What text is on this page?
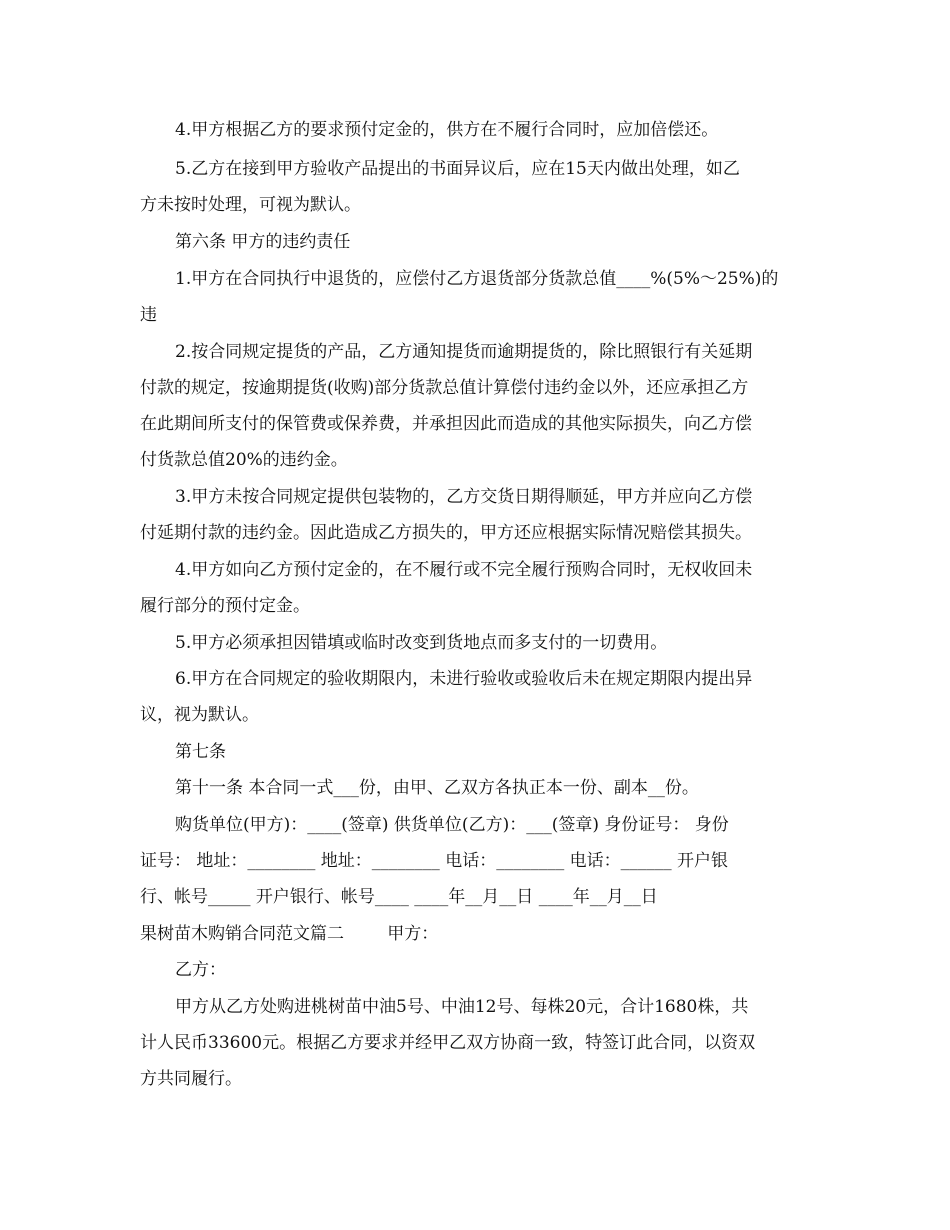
4.甲方根据乙方的要求预付定金的，供方在不履行合同时，应加倍偿还。
5.乙方在接到甲方验收产品提出的书面异议后，应在15天内做出处理，如乙
方未按时处理，可视为默认。
第六条 甲方的违约责任
1.甲方在合同执行中退货的，应偿付乙方退货部分货款总值____%(5%～25%)的
违
2.按合同规定提货的产品，乙方通知提货而逾期提货的，除比照银行有关延期
付款的规定，按逾期提货(收购)部分货款总值计算偿付违约金以外，还应承担乙方
在此期间所支付的保管费或保养费，并承担因此而造成的其他实际损失，向乙方偿
付货款总值20%的违约金。
3.甲方未按合同规定提供包装物的，乙方交货日期得顺延，甲方并应向乙方偿
付延期付款的违约金。因此造成乙方损失的，甲方还应根据实际情况赔偿其损失。
4.甲方如向乙方预付定金的，在不履行或不完全履行预购合同时，无权收回未
履行部分的预付定金。
5.甲方必须承担因错填或临时改变到货地点而多支付的一切费用。
6.甲方在合同规定的验收期限内，未进行验收或验收后未在规定期限内提出异
议，视为默认。
第七条
第十一条 本合同一式___份，由甲、乙双方各执正本一份、副本__份。
购货单位(甲方)：____(签章) 供货单位(乙方)：___(签章) 身份证号： 身份
证号： 地址：________ 地址：________ 电话：________ 电话：______ 开户银
行、帐号_____ 开户银行、帐号____ ____年__月__日 ____年__月__日
果树苗木购销合同范文篇二        甲方：
乙方：
甲方从乙方处购进桃树苗中油5号、中油12号、每株20元，合计1680株，共
计人民币33600元。根据乙方要求并经甲乙双方协商一致，特签订此合同，以资双
方共同履行。
